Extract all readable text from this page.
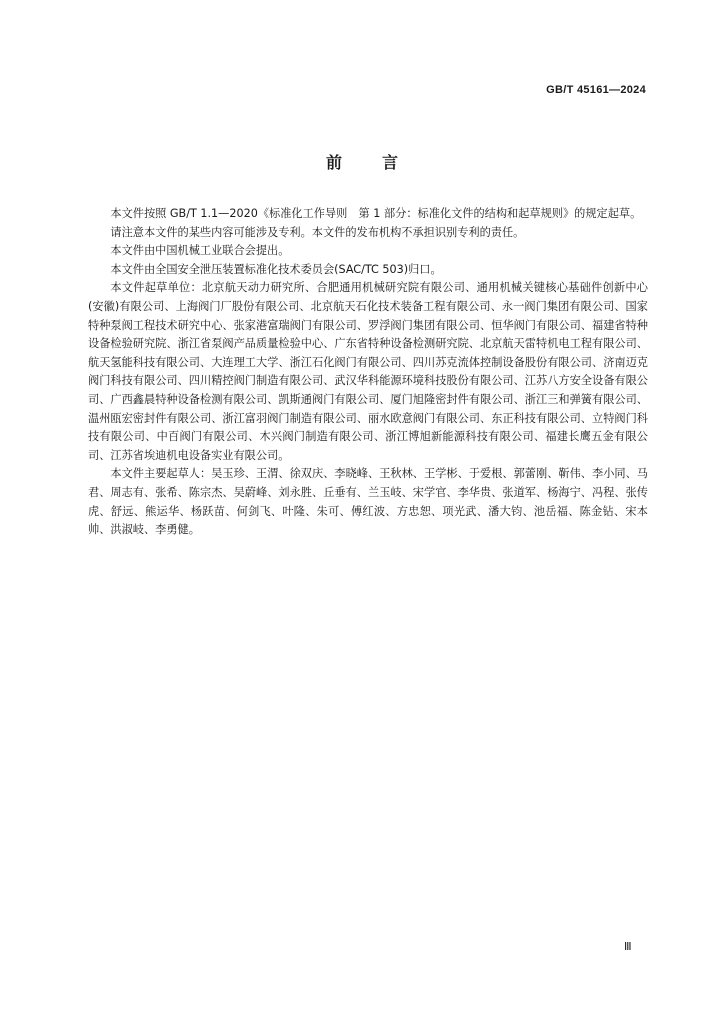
GB/T 45161—2024
前	言

本文件按照 GB/T 1.1—2020《标准化工作导则　第 1 部分：标准化文件的结构和起草规则》的规定起草。

请注意本文件的某些内容可能涉及专利。本文件的发布机构不承担识别专利的责任。

本文件由中国机械工业联合会提出。

本文件由全国安全泄压装置标准化技术委员会(SAC/TC 503)归口。

本文件起草单位：北京航天动力研究所、合肥通用机械研究院有限公司、通用机械关键核心基础件创新中心(安徽)有限公司、上海阀门厂股份有限公司、北京航天石化技术装备工程有限公司、永一阀门集团有限公司、国家特种泵阀工程技术研究中心、张家港富瑞阀门有限公司、罗浮阀门集团有限公司、恒华阀门有限公司、福建省特种设备检验研究院、浙江省泵阀产品质量检验中心、广东省特种设备检测研究院、北京航天雷特机电工程有限公司、航天氢能科技有限公司、大连理工大学、浙江石化阀门有限公司、四川苏克流体控制设备股份有限公司、济南迈克阀门科技有限公司、四川精控阀门制造有限公司、武汉华科能源环境科技股份有限公司、江苏八方安全设备有限公司、广西鑫晨特种设备检测有限公司、凯斯通阀门有限公司、厦门旭隆密封件有限公司、浙江三和弹簧有限公司、温州瓯宏密封件有限公司、浙江富羽阀门制造有限公司、丽水欧意阀门有限公司、东正科技有限公司、立特阀门科技有限公司、中百阀门有限公司、木兴阀门制造有限公司、浙江博旭新能源科技有限公司、福建长鹰五金有限公司、江苏省埃迪机电设备实业有限公司。

本文件主要起草人：吴玉珍、王渭、徐双庆、李晓峰、王秋林、王学彬、于爱根、郭蕾刚、靳伟、李小同、马君、周志有、张希、陈宗杰、吴蔚峰、刘永胜、丘垂有、兰玉岐、宋学官、李华贵、张道军、杨海宁、冯程、张传虎、舒远、熊运华、杨跃苗、何剑飞、叶隆、朱可、傅红波、方忠恕、项光武、潘大钧、池岳福、陈金钻、宋本帅、洪淑岐、李勇健。

Ⅲ
